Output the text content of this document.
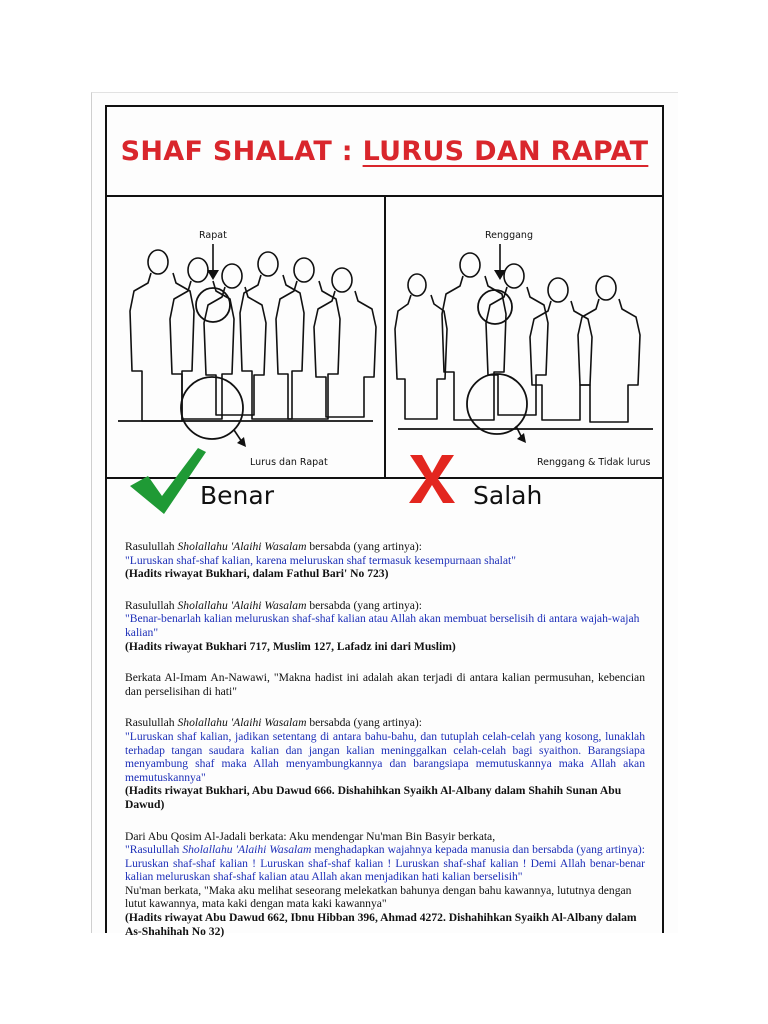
SHAF SHALAT : LURUS DAN RAPAT
Rapat
Lurus dan Rapat
Benar
Renggang
Renggang & Tidak lurus
Salah

Rasulullah Sholallahu 'Alaihi Wasalam bersabda (yang artinya):

"Luruskan shaf-shaf kalian, karena meluruskan shaf termasuk kesempurnaan shalat"

(Hadits riwayat Bukhari, dalam Fathul Bari' No 723)

Rasulullah Sholallahu 'Alaihi Wasalam bersabda (yang artinya):

"Benar-benarlah kalian meluruskan shaf-shaf kalian atau Allah akan membuat berselisih di antara wajah-wajah kalian"

(Hadits riwayat Bukhari 717, Muslim 127, Lafadz ini dari Muslim)

Berkata Al-Imam An-Nawawi, "Makna hadist ini adalah akan terjadi di antara kalian permusuhan, kebencian dan perselisihan di hati"

Rasulullah Sholallahu 'Alaihi Wasalam bersabda (yang artinya):

"Luruskan shaf kalian, jadikan setentang di antara bahu-bahu, dan tutuplah celah-celah yang kosong, lunaklah terhadap tangan saudara kalian dan jangan kalian meninggalkan celah-celah bagi syaithon. Barangsiapa menyambung shaf maka Allah menyambungkannya dan barangsiapa memutuskannya maka Allah akan memutuskannya"

(Hadits riwayat Bukhari, Abu Dawud 666. Dishahihkan Syaikh Al-Albany dalam Shahih Sunan Abu Dawud)

Dari Abu Qosim Al-Jadali berkata: Aku mendengar Nu'man Bin Basyir berkata,

"Rasulullah Sholallahu 'Alaihi Wasalam menghadapkan wajahnya kepada manusia dan bersabda (yang artinya): Luruskan shaf-shaf kalian ! Luruskan shaf-shaf kalian ! Luruskan shaf-shaf kalian ! Demi Allah benar-benar kalian meluruskan shaf-shaf kalian atau Allah akan menjadikan hati kalian berselisih"

Nu'man berkata, "Maka aku melihat seseorang melekatkan bahunya dengan bahu kawannya, lututnya dengan lutut kawannya, mata kaki dengan mata kaki kawannya"

(Hadits riwayat Abu Dawud 662, Ibnu Hibban 396, Ahmad 4272. Dishahihkan Syaikh Al-Albany dalam As-Shahihah No 32)
